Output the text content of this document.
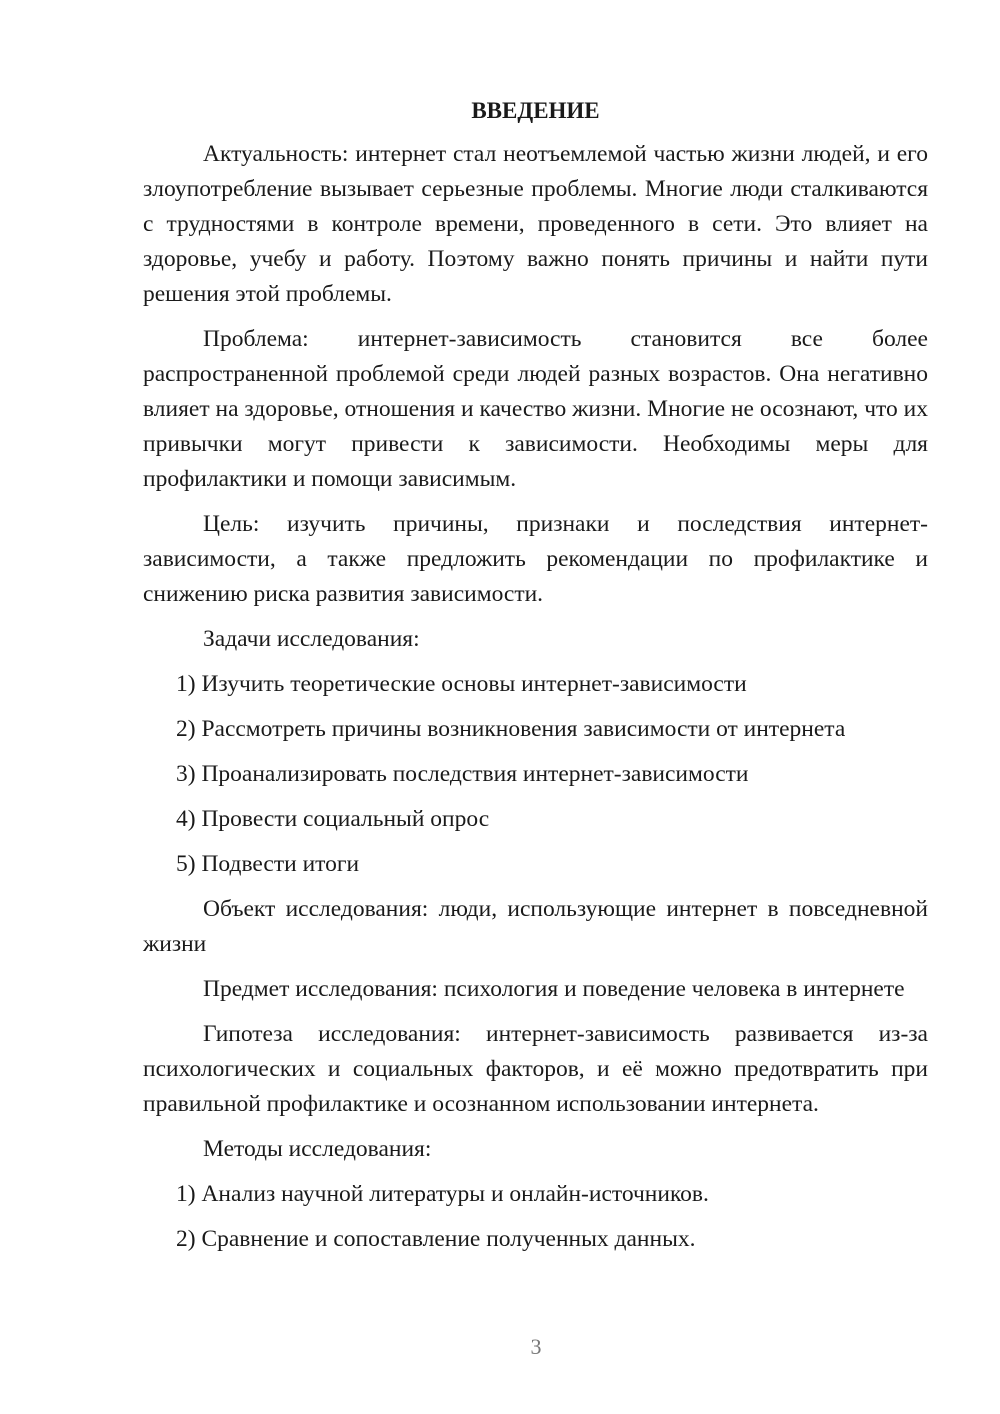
ВВЕДЕНИЕ

Актуальность: интернет стал неотъемлемой частью жизни людей, и его злоупотребление вызывает серьезные проблемы. Многие люди сталкиваются с трудностями в контроле времени, проведенного в сети. Это влияет на здоровье, учебу и работу. Поэтому важно понять причины и найти пути решения этой проблемы.

Проблема: интернет-зависимость становится все более распространенной проблемой среди людей разных возрастов. Она негативно влияет на здоровье, отношения и качество жизни. Многие не осознают, что их привычки могут привести к зависимости. Необходимы меры для профилактики и помощи зависимым.

Цель: изучить причины, признаки и последствия интернет-зависимости, а также предложить рекомендации по профилактике и снижению риска развития зависимости.

Задачи исследования:

1) Изучить теоретические основы интернет-зависимости
2) Рассмотреть причины возникновения зависимости от интернета
3) Проанализировать последствия интернет-зависимости
4) Провести социальный опрос
5) Подвести итоги

Объект исследования: люди, использующие интернет в повседневной жизни

Предмет исследования: психология и поведение человека в интернете

Гипотеза исследования: интернет-зависимость развивается из-за психологических и социальных факторов, и её можно предотвратить при правильной профилактике и осознанном использовании интернета.

Методы исследования:

1) Анализ научной литературы и онлайн-источников.
2) Сравнение и сопоставление полученных данных.
3
